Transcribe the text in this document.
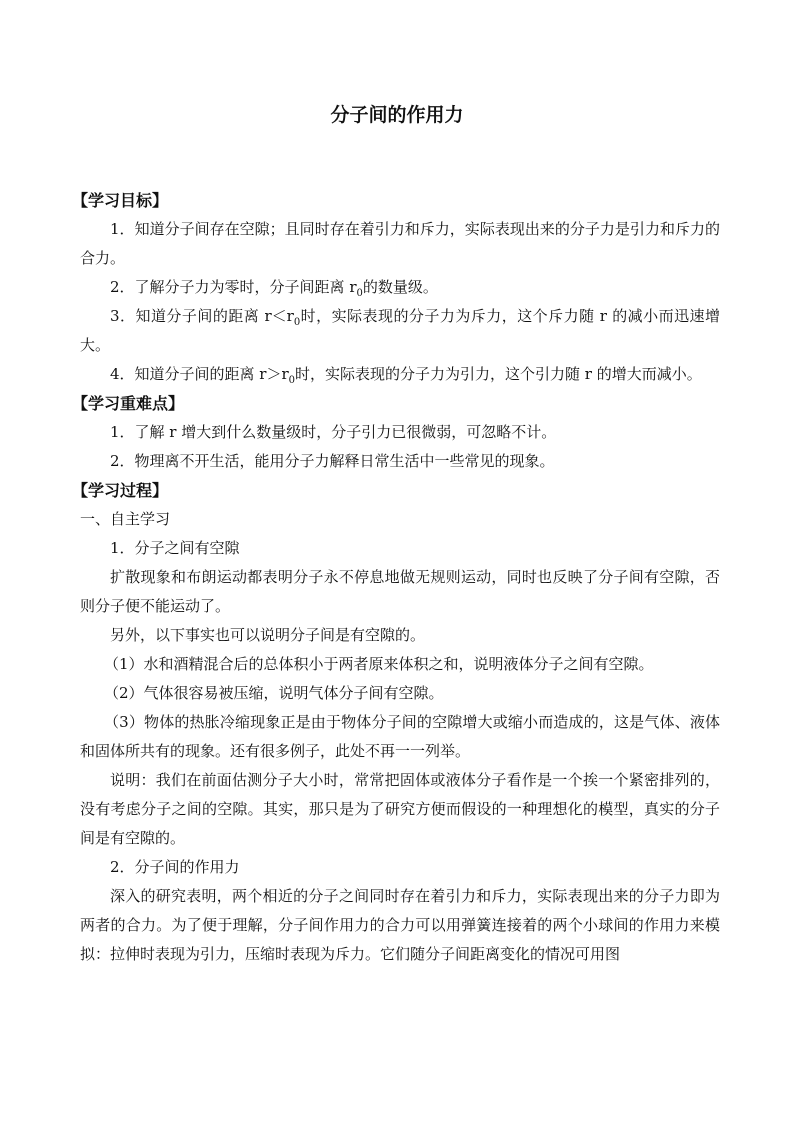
分子间的作用力

【学习目标】

1．知道分子间存在空隙；且同时存在着引力和斥力，实际表现出来的分子力是引力和斥力的合力。

2．了解分子力为零时，分子间距离 $r_0$的数量级。

3．知道分子间的距离 $r<r_0$时，实际表现的分子力为斥力，这个斥力随 r 的减小而迅速增大。

4．知道分子间的距离 $r>r_0$时，实际表现的分子力为引力，这个引力随 r 的增大而减小。

【学习重难点】

1．了解 r 增大到什么数量级时，分子引力已很微弱，可忽略不计。

2．物理离不开生活，能用分子力解释日常生活中一些常见的现象。

【学习过程】

一、自主学习

1．分子之间有空隙

扩散现象和布朗运动都表明分子永不停息地做无规则运动，同时也反映了分子间有空隙，否则分子便不能运动了。

另外，以下事实也可以说明分子间是有空隙的。

（1）水和酒精混合后的总体积小于两者原来体积之和，说明液体分子之间有空隙。

（2）气体很容易被压缩，说明气体分子间有空隙。

（3）物体的热胀冷缩现象正是由于物体分子间的空隙增大或缩小而造成的，这是气体、液体和固体所共有的现象。还有很多例子，此处不再一一列举。

说明：我们在前面估测分子大小时，常常把固体或液体分子看作是一个挨一个紧密排列的，没有考虑分子之间的空隙。其实，那只是为了研究方便而假设的一种理想化的模型，真实的分子间是有空隙的。

2．分子间的作用力

深入的研究表明，两个相近的分子之间同时存在着引力和斥力，实际表现出来的分子力即为两者的合力。为了便于理解，分子间作用力的合力可以用弹簧连接着的两个小球间的作用力来模拟：拉伸时表现为引力，压缩时表现为斥力。它们随分子间距离变化的情况可用图
